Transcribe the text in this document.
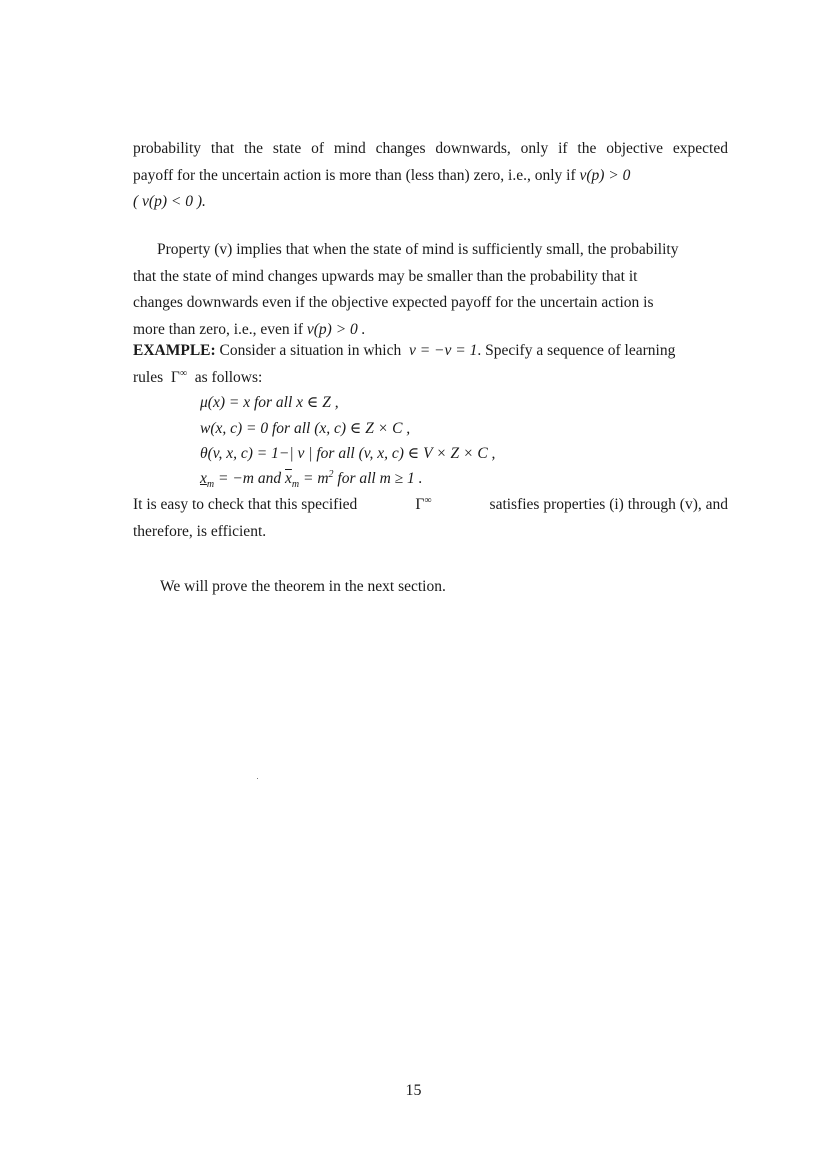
probability that the state of mind changes downwards, only if the objective expected
payoff for the uncertain action is more than (less than) zero, i.e., only if v(p) > 0
( v(p) < 0 ).
Property (v) implies that when the state of mind is sufficiently small, the probability
that the state of mind changes upwards may be smaller than the probability that it
changes downwards even if the objective expected payoff for the uncertain action is
more than zero, i.e., even if v(p) > 0 .
EXAMPLE: Consider a situation in which v = −v = 1. Specify a sequence of learning
rules Γ∞ as follows:
μ(x) = x for all x ∈ Z ,
w(x, c) = 0 for all (x, c) ∈ Z × C ,
θ(v, x, c) = 1−| v | for all (v, x, c) ∈ V × Z × C ,
$x_m = -m$ and $\overline{x}_m = m^2$ for all m ≥ 1 .
It is easy to check that this specified	Γ∞	satisfies properties (i) through (v), and
therefore, is efficient.
We will prove the theorem in the next section.
15
